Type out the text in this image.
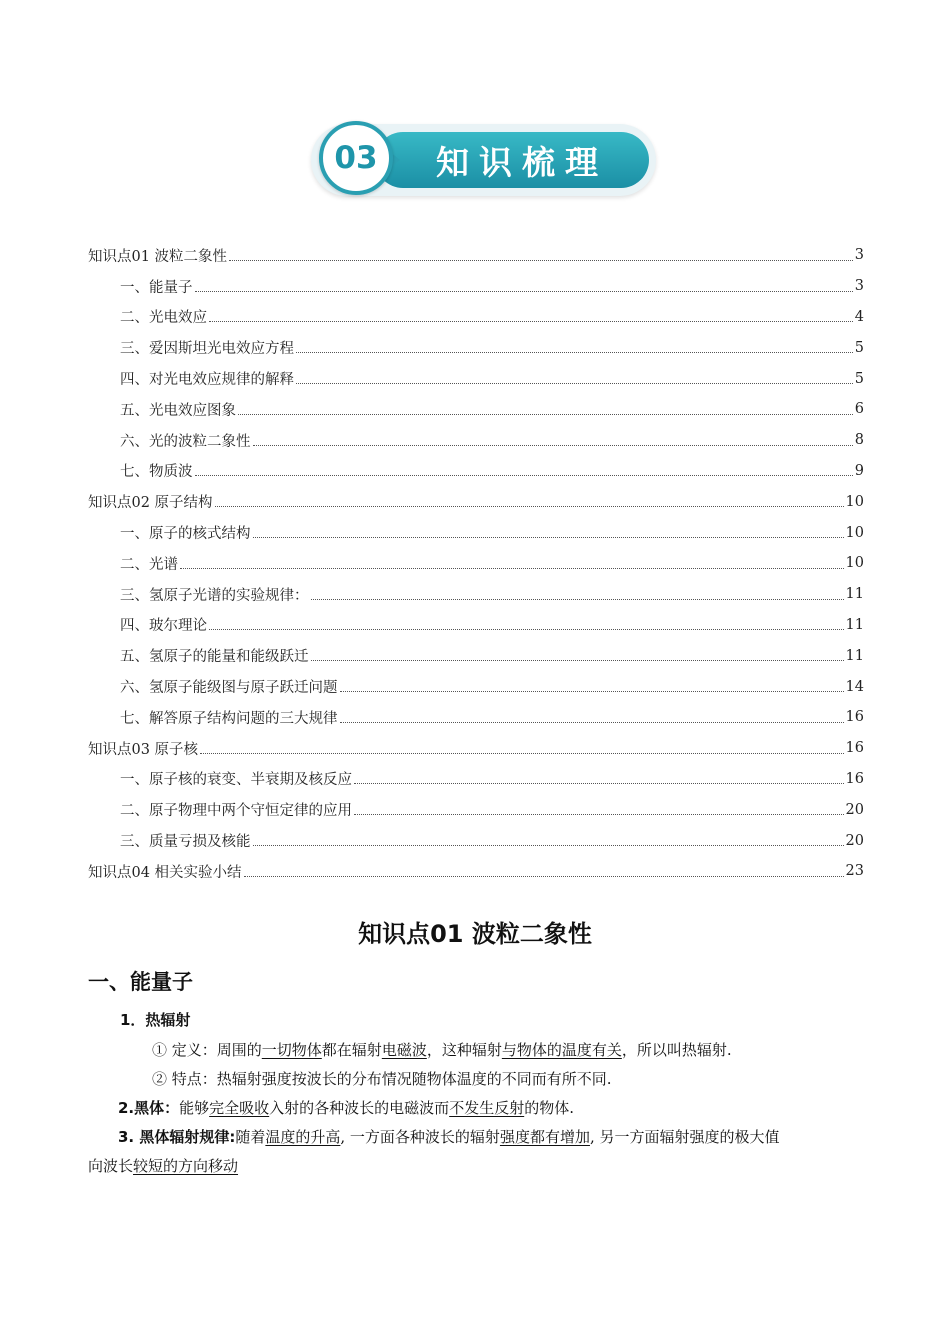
知识梳理
03
知识点01 波粒二象性	3
一、能量子	3
二、光电效应	4
三、爱因斯坦光电效应方程	5
四、对光电效应规律的解释	5
五、光电效应图象	6
六、光的波粒二象性	8
七、物质波	9
知识点02 原子结构	10
一、原子的核式结构	10
二、光谱	10
三、氢原子光谱的实验规律：	11
四、玻尔理论	11
五、氢原子的能量和能级跃迁	11
六、氢原子能级图与原子跃迁问题	14
七、解答原子结构问题的三大规律	16
知识点03 原子核	16
一、原子核的衰变、半衰期及核反应	16
二、原子物理中两个守恒定律的应用	20
三、质量亏损及核能	20
知识点04 相关实验小结	23
知识点01 波粒二象性
一、能量子
1．热辐射
① 定义：周围的一切物体都在辐射电磁波，这种辐射与物体的温度有关，所以叫热辐射.
② 特点：热辐射强度按波长的分布情况随物体温度的不同而有所不同.
2.黑体：能够完全吸收入射的各种波长的电磁波而不发生反射的物体.
3. 黑体辐射规律:随着温度的升高, 一方面各种波长的辐射强度都有增加, 另一方面辐射强度的极大值
向波长较短的方向移动
